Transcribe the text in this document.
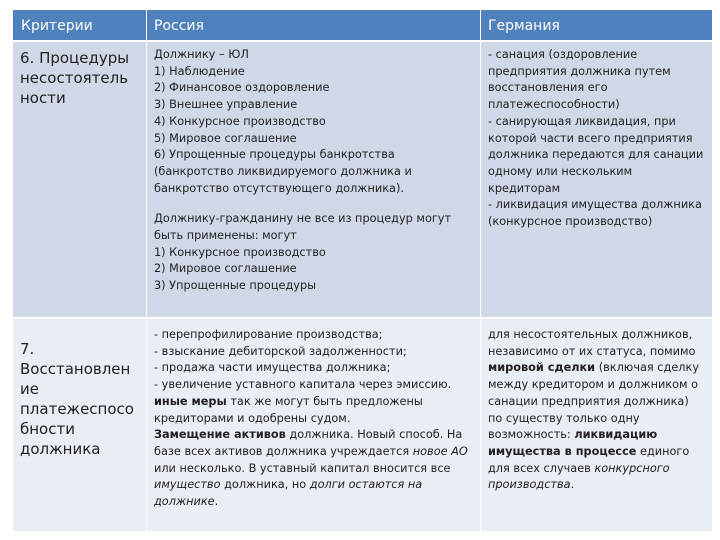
Критерии	Россия	Германия
6. Процедуры несостоятель ности
Должнику – ЮЛ
1) Наблюдение
2) Финансовое оздоровление
3) Внешнее управление
4) Конкурсное производство
5) Мировое соглашение
6) Упрощенные процедуры банкротства (банкротство ликвидируемого должника и банкротство отсутствующего должника).
Должнику-гражданину не все из процедур могут быть применены: могут
1) Конкурсное производство
2) Мировое соглашение
3) Упрощенные процедуры
- санация (оздоровление предприятия должника путем восстановления его платежеспособности)
- санирующая ликвидация, при которой части всего предприятия должника передаются для санации одному или нескольким кредиторам
- ликвидация имущества должника (конкурсное производство)
7. Восстановлен ие платежеспосо бности должника
- перепрофилирование производства;
- взыскание дебиторской задолженности;
- продажа части имущества должника;
- увеличение уставного капитала через эмиссию. иные меры так же могут быть предложены кредиторами и одобрены судом.
Замещение активов должника. Новый способ. На базе всех активов должника учреждается новое АО или несколько. В уставный капитал вносится все имущество должника, но долги остаются на должнике.
для несостоятельных должников, независимо от их статуса, помимо мировой сделки (включая сделку между кредитором и должником о санации предприятия должника) по существу только одну возможность: ликвидацию имущества в процессе единого для всех случаев конкурсного производства.
